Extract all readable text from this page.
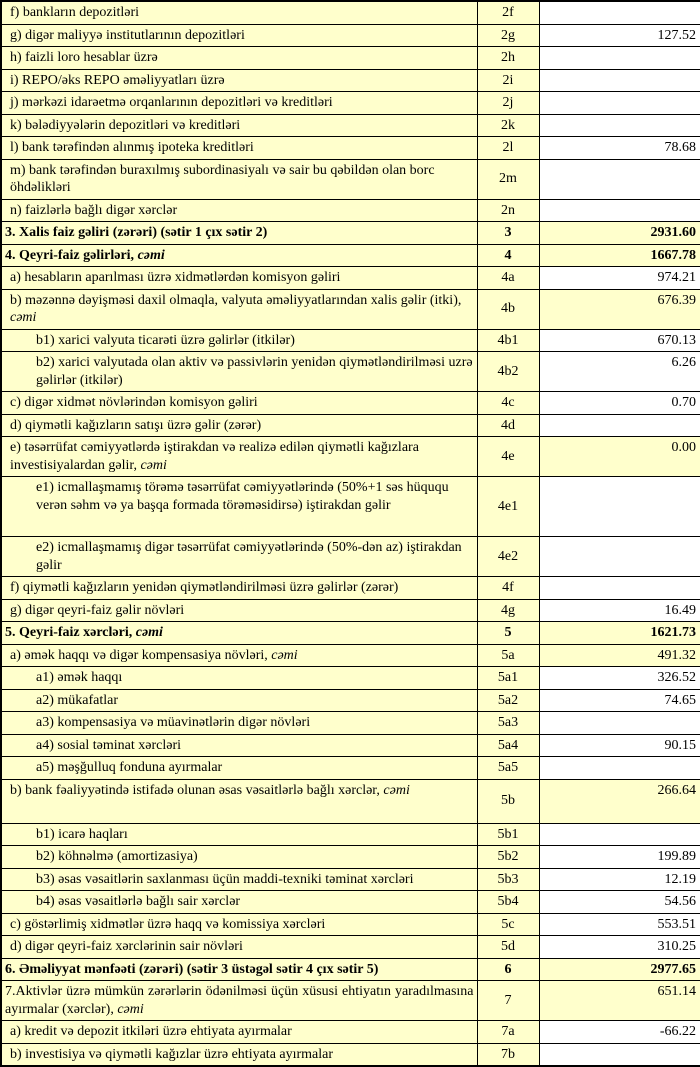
f) bankların depozitləri	2f	
g) digər maliyyə institutlarının depozitləri	2g	127.52
h) faizli loro hesablar üzrə	2h	
i) REPO/əks REPO əməliyyatları üzrə	2i	
j) mərkəzi idarəetmə orqanlarının depozitləri və kreditləri	2j	
k) bələdiyyələrin depozitləri və kreditləri	2k	
l) bank tərəfindən alınmış ipoteka kreditləri	2l	78.68
m) bank tərəfindən buraxılmış subordinasiyalı və sair bu qəbildən olan borc öhdəlikləri	2m	
n) faizlərlə bağlı digər xərclər	2n	
3. Xalis faiz gəliri (zərəri) (sətir 1 çıx sətir 2)	3	2931.60
4. Qeyri-faiz gəlirləri, cəmi	4	1667.78
a) hesabların aparılması üzrə xidmətlərdən komisyon gəliri	4a	974.21
b) məzənnə dəyişməsi daxil olmaqla, valyuta əməliyyatlarından xalis gəlir (itki), cəmi	4b	676.39
b1) xarici valyuta ticarəti üzrə gəlirlər (itkilər)	4b1	670.13
b2) xarici valyutada olan aktiv və passivlərin yenidən qiymətləndirilməsi uzrə gəlirlər (itkilər)	4b2	6.26
c) digər xidmət növlərindən komisyon gəliri	4c	0.70
d) qiymətli kağızların satışı üzrə gəlir (zərər)	4d	
e) təsərrüfat cəmiyyətlərdə iştirakdan və realizə edilən qiymətli kağızlara investisiyalardan gəlir, cəmi	4e	0.00
e1) icmallaşmamış törəmə təsərrüfat cəmiyyətlərində (50%+1 səs hüququ verən səhm və ya başqa formada törəməsidirsə) iştirakdan gəlir	4e1	
e2) icmallaşmamış digər təsərrüfat cəmiyyətlərində (50%-dən az) iştirakdan gəlir	4e2	
f) qiymətli kağızların yenidən qiymətləndirilməsi üzrə gəlirlər (zərər)	4f	
g) digər qeyri-faiz gəlir növləri	4g	16.49
5. Qeyri-faiz xərcləri, cəmi	5	1621.73
a) əmək haqqı və digər kompensasiya növləri, cəmi	5a	491.32
a1) əmək haqqı	5a1	326.52
a2) mükafatlar	5a2	74.65
a3) kompensasiya və müavinətlərin digər növləri	5a3	
a4) sosial təminat xərcləri	5a4	90.15
a5) məşğulluq fonduna ayırmalar	5a5	
b) bank fəaliyyətində istifadə olunan əsas vəsaitlərlə bağlı xərclər, cəmi	5b	266.64
b1) icarə haqları	5b1	
b2) köhnəlmə (amortizasiya)	5b2	199.89
b3) əsas vəsaitlərin saxlanması üçün maddi-texniki təminat xərcləri	5b3	12.19
b4) əsas vəsaitlərlə bağlı sair xərclər	5b4	54.56
c) göstərlimiş xidmətlər üzrə haqq və komissiya xərcləri	5c	553.51
d) digər qeyri-faiz xərclərinin sair növləri	5d	310.25
6. Əməliyyat mənfəəti (zərəri) (sətir 3 üstəgəl sətir 4 çıx sətir 5)	6	2977.65
7.Aktivlər üzrə mümkün zərərlərin ödənilməsi üçün xüsusi ehtiyatın yaradılmasına ayırmalar (xərclər), cəmi	7	651.14
a) kredit və depozit itkiləri üzrə ehtiyata ayırmalar	7a	-66.22
b) investisiya və qiymətli kağızlar üzrə ehtiyata ayırmalar	7b	
